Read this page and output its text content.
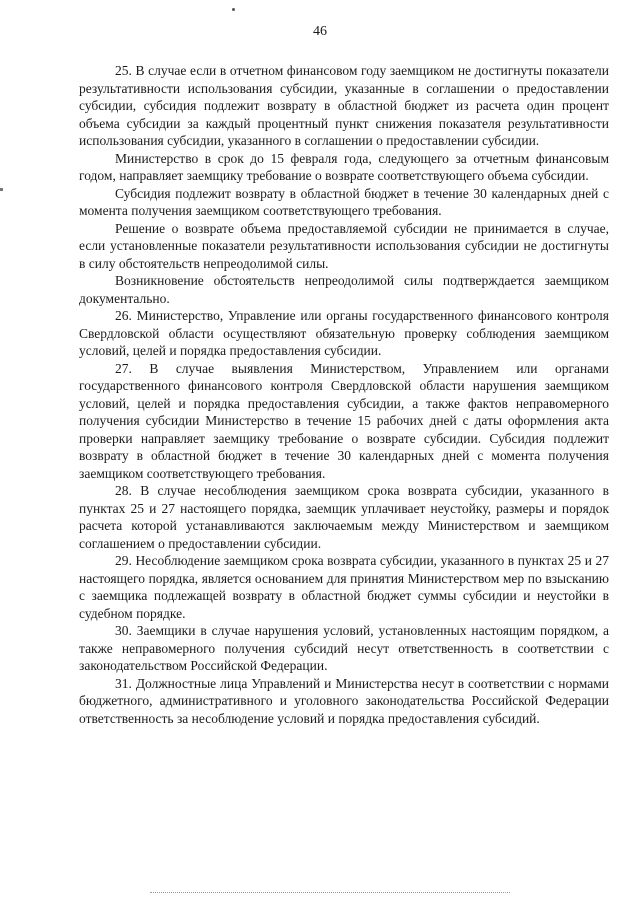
46

25. В случае если в отчетном финансовом году заемщиком не достигнуты показатели результативности использования субсидии, указанные в соглашении о предоставлении субсидии, субсидия подлежит возврату в областной бюджет из расчета один процент объема субсидии за каждый процентный пункт снижения показателя результативности использования субсидии, указанного в соглашении о предоставлении субсидии.

Министерство в срок до 15 февраля года, следующего за отчетным финансовым годом, направляет заемщику требование о возврате соответствующего объема субсидии.

Субсидия подлежит возврату в областной бюджет в течение 30 календарных дней с момента получения заемщиком соответствующего требования.

Решение о возврате объема предоставляемой субсидии не принимается в случае, если установленные показатели результативности использования субсидии не достигнуты в силу обстоятельств непреодолимой силы.

Возникновение обстоятельств непреодолимой силы подтверждается заемщиком документально.

26. Министерство, Управление или органы государственного финансового контроля Свердловской области осуществляют обязательную проверку соблюдения заемщиком условий, целей и порядка предоставления субсидии.

27. В случае выявления Министерством, Управлением или органами государственного финансового контроля Свердловской области нарушения заемщиком условий, целей и порядка предоставления субсидии, а также фактов неправомерного получения субсидии Министерство в течение 15 рабочих дней с даты оформления акта проверки направляет заемщику требование о возврате субсидии. Субсидия подлежит возврату в областной бюджет в течение 30 календарных дней с момента получения заемщиком соответствующего требования.

28. В случае несоблюдения заемщиком срока возврата субсидии, указанного в пунктах 25 и 27 настоящего порядка, заемщик уплачивает неустойку, размеры и порядок расчета которой устанавливаются заключаемым между Министерством и заемщиком соглашением о предоставлении субсидии.

29. Несоблюдение заемщиком срока возврата субсидии, указанного в пунктах 25 и 27 настоящего порядка, является основанием для принятия Министерством мер по взысканию с заемщика подлежащей возврату в областной бюджет суммы субсидии и неустойки в судебном порядке.

30. Заемщики в случае нарушения условий, установленных настоящим порядком, а также неправомерного получения субсидий несут ответственность в соответствии с законодательством Российской Федерации.

31. Должностные лица Управлений и Министерства несут в соответствии с нормами бюджетного, административного и уголовного законодательства Российской Федерации ответственность за несоблюдение условий и порядка предоставления субсидий.
